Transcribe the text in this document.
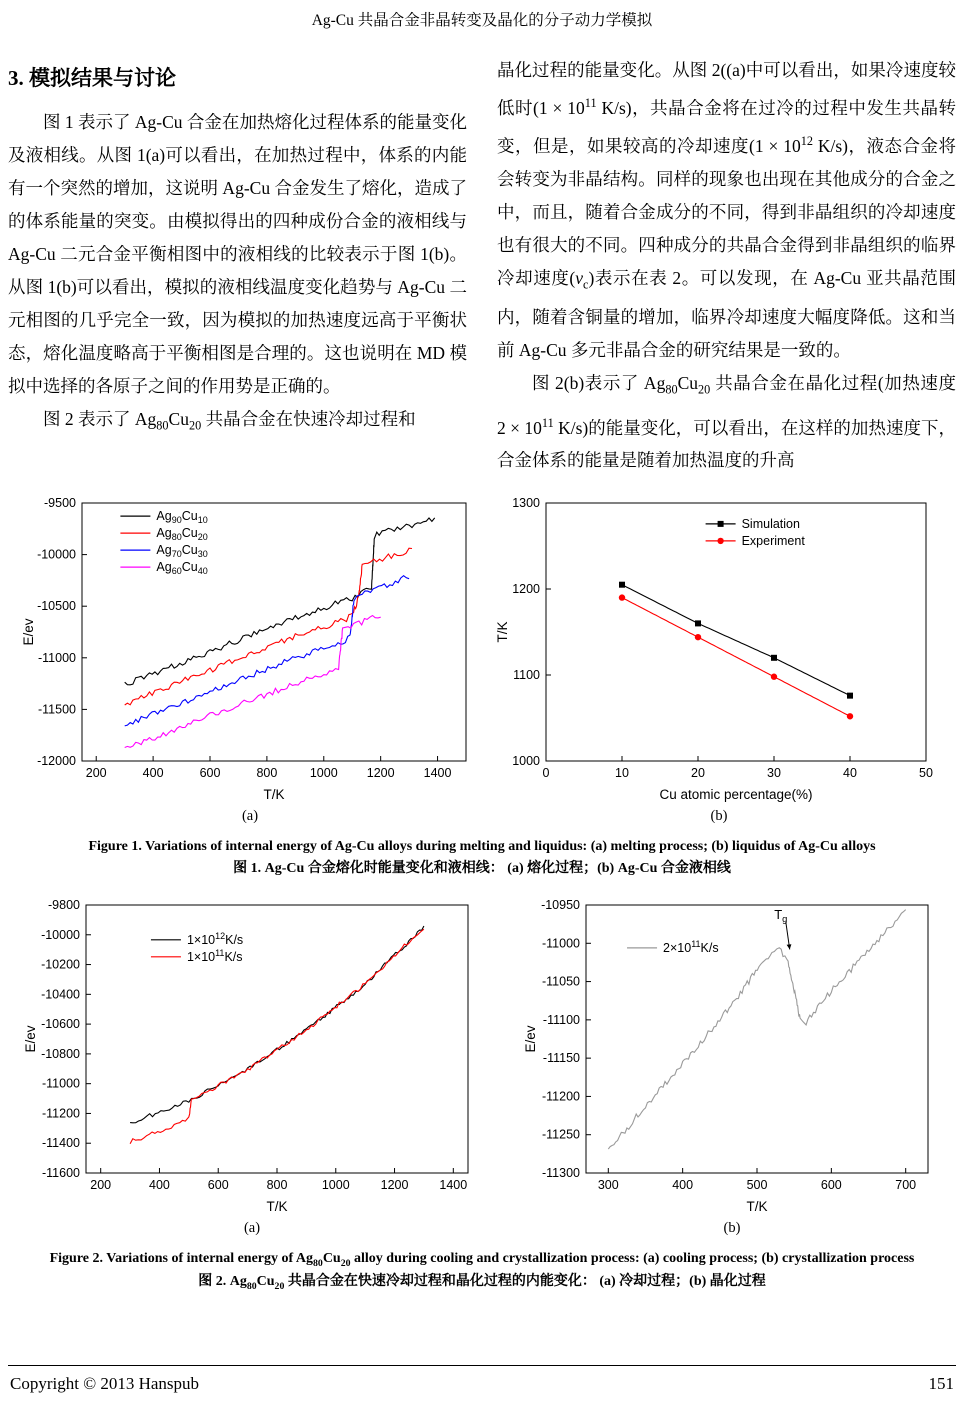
Ag-Cu 共晶合金非晶转变及晶化的分子动力学模拟
3. 模拟结果与讨论

图 1 表示了 Ag-Cu 合金在加热熔化过程体系的能量变化及液相线。从图 1(a)可以看出，在加热过程中，体系的内能有一个突然的增加，这说明 Ag-Cu 合金发生了熔化，造成了的体系能量的突变。由模拟得出的四种成份合金的液相线与 Ag-Cu 二元合金平衡相图中的液相线的比较表示于图 1(b)。从图 1(b)可以看出，模拟的液相线温度变化趋势与 Ag-Cu 二元相图的几乎完全一致，因为模拟的加热速度远高于平衡状态，熔化温度略高于平衡相图是合理的。这也说明在 MD 模拟中选择的各原子之间的作用势是正确的。

图 2 表示了 $Ag_{80}Cu_{20}$ 共晶合金在快速冷却过程和

晶化过程的能量变化。从图 2((a)中可以看出，如果冷速度较低时($1 \times 10^{11}$ K/s)，共晶合金将在过冷的过程中发生共晶转变，但是，如果较高的冷却速度($1 \times 10^{12}$ K/s)，液态合金将会转变为非晶结构。同样的现象也出现在其他成分的合金之中，而且，随着合金成分的不同，得到非晶组织的冷却速度也有很大的不同。四种成分的共晶合金得到非晶组织的临界冷却速度$(v_c)$表示在表 2。可以发现，在 Ag-Cu 亚共晶范围内，随着含铜量的增加，临界冷却速度大幅度降低。这和当前 Ag-Cu 多元非晶合金的研究结果是一致的。

图 2(b)表示了 $Ag_{80}Cu_{20}$ 共晶合金在晶化过程(加热速度 $2 \times 10^{11}$ K/s)的能量变化，可以看出，在这样的加热速度下，合金体系的能量是随着加热温度的升高

200	400	600	800	1000 1200 1400
-9500
-10000
-10500
-11000
-11500
-12000
T/K
E/ev
$Ag_{90}Cu_{10}$
$Ag_{80}Cu_{20}$
$Ag_{70}Cu_{30}$
$Ag_{60}Cu_{40}$
(a)
0	10	20	30	40	50
1000
1100
1200
1300
Cu atomic percentage(%)
T/K
Simulation
Experiment
(b)
Figure 1. Variations of internal energy of Ag-Cu alloys during melting and liquidus: (a) melting process; (b) liquidus of Ag-Cu alloys
图 1. Ag-Cu 合金熔化时能量变化和液相线： (a) 熔化过程；(b) Ag-Cu 合金液相线
200	400	600	800	1000 1200 1400
-9800
-10000
-10200
-10400
-10600
-10800
-11000
-11200
-11400
-11600
T/K
E/ev
$1\times 10^{12}K/s$
$1\times 10^{11}K/s$
(a)
300	400	500	600	700
-10950
-11000
-11050
-11100
-11150
-11200
-11250
-11300
T/K
E/ev
$2\times 10^{11}K/s$
$T_g$
(b)
Figure 2. Variations of internal energy of $Ag_{80}Cu_{20}$ alloy during cooling and crystallization process: (a) cooling process; (b) crystallization process
图 2. $Ag_{80}Cu_{20}$ 共晶合金在快速冷却过程和晶化过程的内能变化： (a) 冷却过程；(b) 晶化过程
Copyright © 2013 Hanspub	151
